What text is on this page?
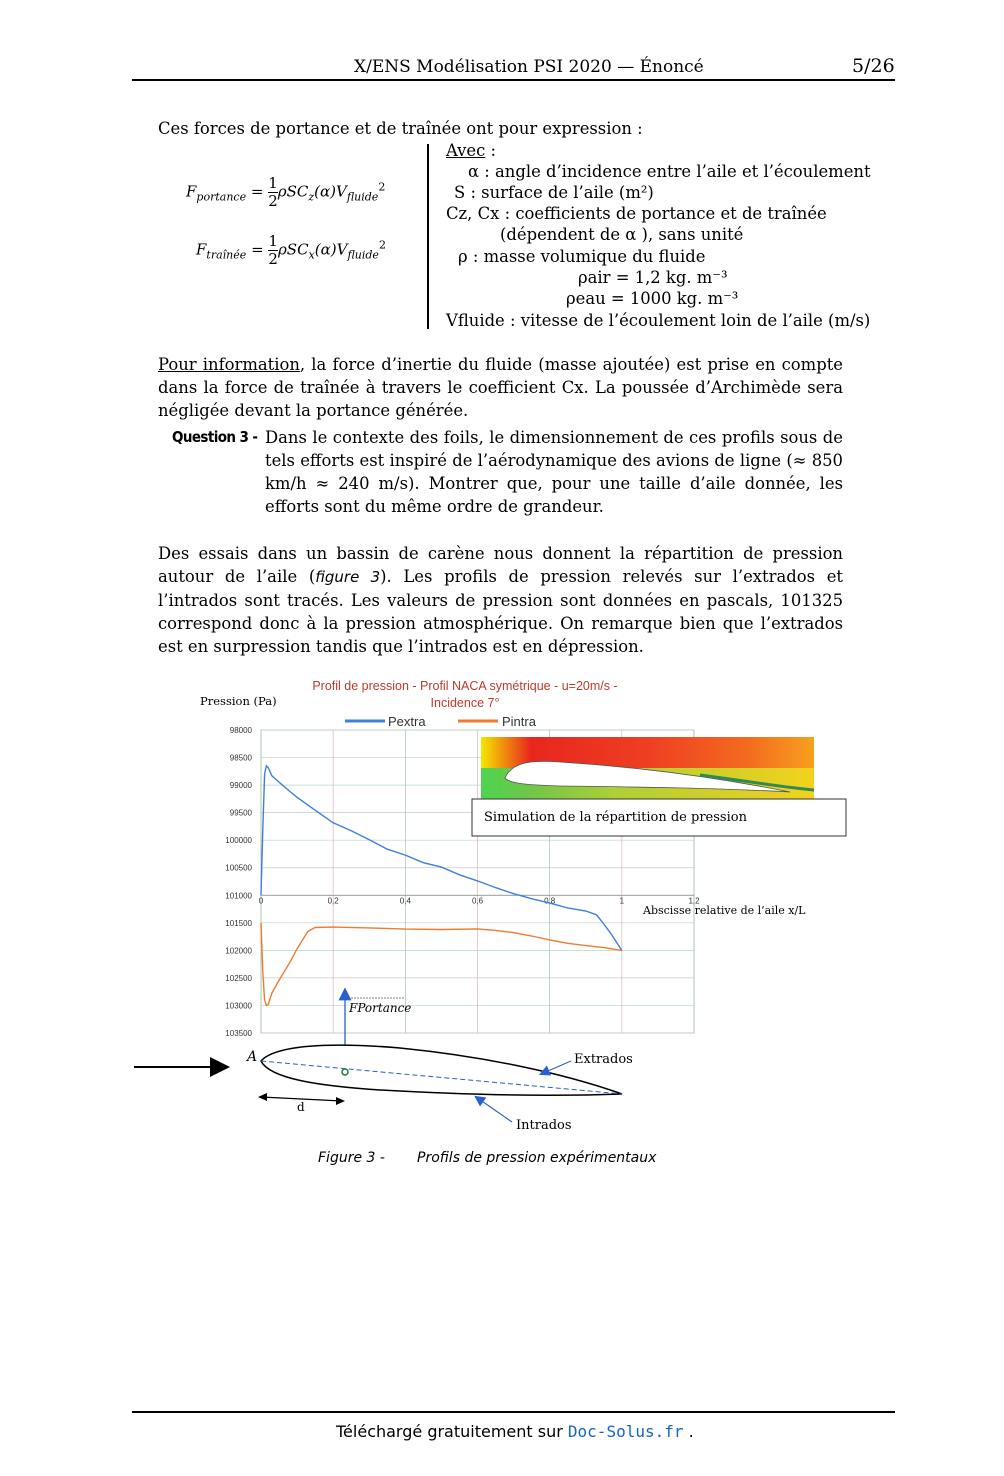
X/ENS Modélisation PSI 2020 — Énoncé	5/26
Ces forces de portance et de traînée ont pour expression :
$F_{portance} = \frac{1}{2} \rho SC_z(\alpha)V_{fluide}^2$
$F_{traînée} = \frac{1}{2} \rho SC_x(\alpha)V_{fluide}^2$
Avec :
α : angle d’incidence entre l’aile et l’écoulement
S : surface de l’aile (m²)
Cz, Cx : coefficients de portance et de traînée
(dépendent de α ), sans unité
ρ : masse volumique du fluide
ρair = 1,2 kg. m⁻³
ρeau = 1000 kg. m⁻³
Vfluide : vitesse de l’écoulement loin de l’aile (m/s)
Pour information, la force d’inertie du fluide (masse ajoutée) est prise en compte dans la force de traînée à travers le coefficient Cx. La poussée d’Archimède sera négligée devant la portance générée.
Question 3 - Dans le contexte des foils, le dimensionnement de ces profils sous de tels efforts est inspiré de l’aérodynamique des avions de ligne (≈ 850 km/h ≈ 240 m/s). Montrer que, pour une taille d’aile donnée, les efforts sont du même ordre de grandeur.
Des essais dans un bassin de carène nous donnent la répartition de pression autour de l’aile (figure 3). Les profils de pression relevés sur l’extrados et l’intrados sont tracés. Les valeurs de pression sont données en pascals, 101325 correspond donc à la pression atmosphérique. On remarque bien que l’extrados est en surpression tandis que l’intrados est en dépression.
Profil de pression - Profil NACA symétrique - u=20m/s -
Incidence 7°
Pression (Pa)
Pextra	Pintra
98000
98500
99000
99500
100000
100500
101000
101500
102000
102500
103000
103500
0	0,2	0,4	0,6	0,8	1	1,2
Simulation de la répartition de pression
Abscisse relative de l’aile x/L
FPortance
A
d
Extrados
Intrados
Figure 3 - Profils de pression expérimentaux
Téléchargé gratuitement sur Doc-Solus.fr .
